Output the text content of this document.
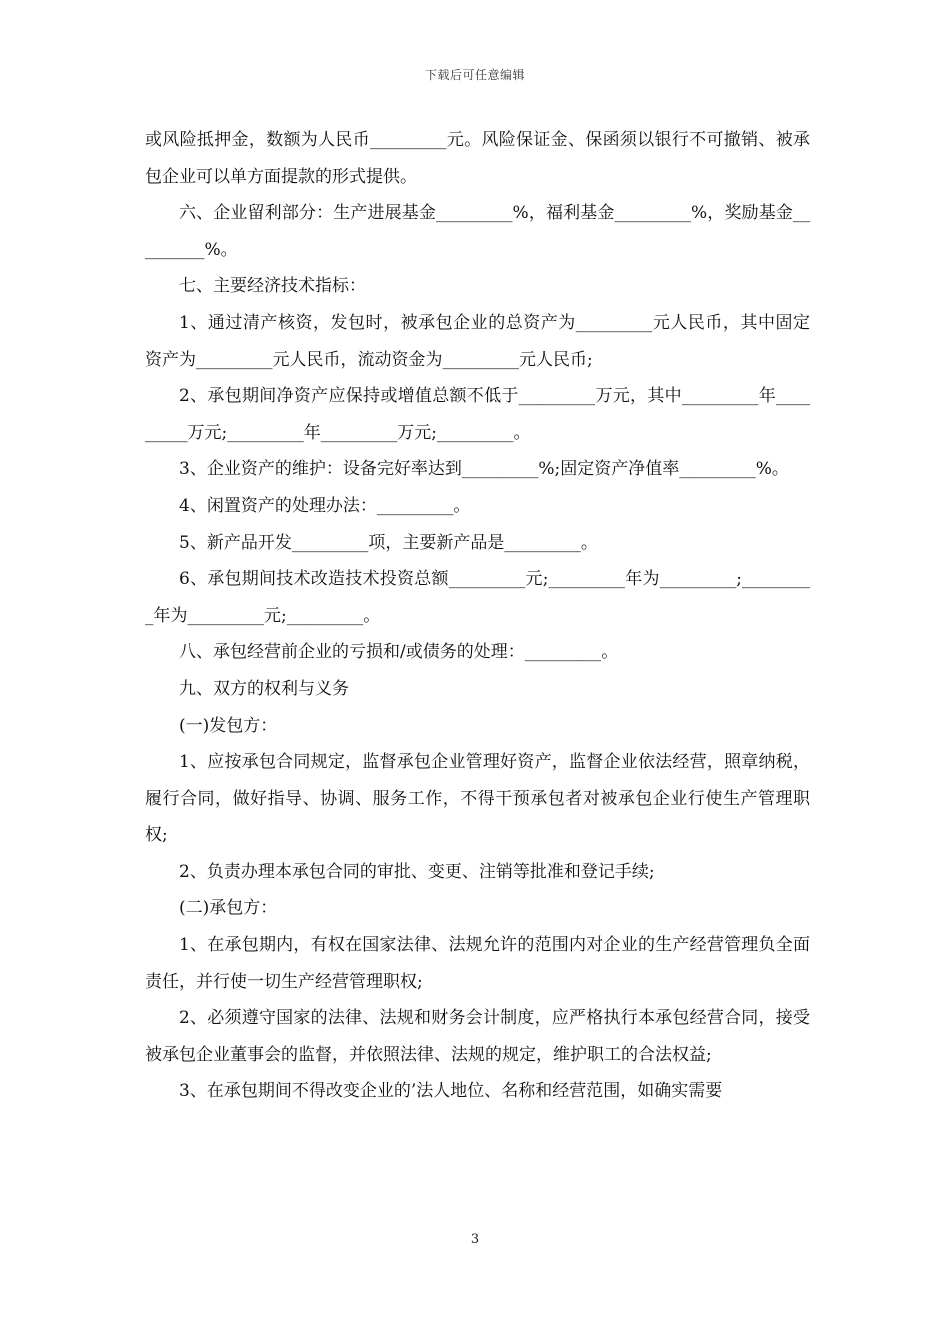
下载后可任意编辑

或风险抵押金，数额为人民币_________元。风险保证金、保函须以银行不可撤销、被承包企业可以单方面提款的形式提供。

六、企业留利部分：生产进展基金_________%，福利基金_________%，奖励基金_________%。

七、主要经济技术指标：

1、通过清产核资，发包时，被承包企业的总资产为_________元人民币，其中固定资产为_________元人民币，流动资金为_________元人民币;

2、承包期间净资产应保持或增值总额不低于_________万元，其中_________年_________万元;_________年_________万元;_________。

3、企业资产的维护：设备完好率达到_________%;固定资产净值率_________%。

4、闲置资产的处理办法：_________。

5、新产品开发_________项，主要新产品是_________。

6、承包期间技术改造技术投资总额_________元;_________年为_________;_________年为_________元;_________。

八、承包经营前企业的亏损和/或债务的处理：_________。

九、双方的权利与义务

(一)发包方：

1、应按承包合同规定，监督承包企业管理好资产，监督企业依法经营，照章纳税，履行合同，做好指导、协调、服务工作，不得干预承包者对被承包企业行使生产管理职权;

2、负责办理本承包合同的审批、变更、注销等批准和登记手续;

(二)承包方：

1、在承包期内，有权在国家法律、法规允许的范围内对企业的生产经营管理负全面责任，并行使一切生产经营管理职权;

2、必须遵守国家的法律、法规和财务会计制度，应严格执行本承包经营合同，接受被承包企业董事会的监督，并依照法律、法规的规定，维护职工的合法权益;

3、在承包期间不得改变企业的’法人地位、名称和经营范围，如确实需要

3
